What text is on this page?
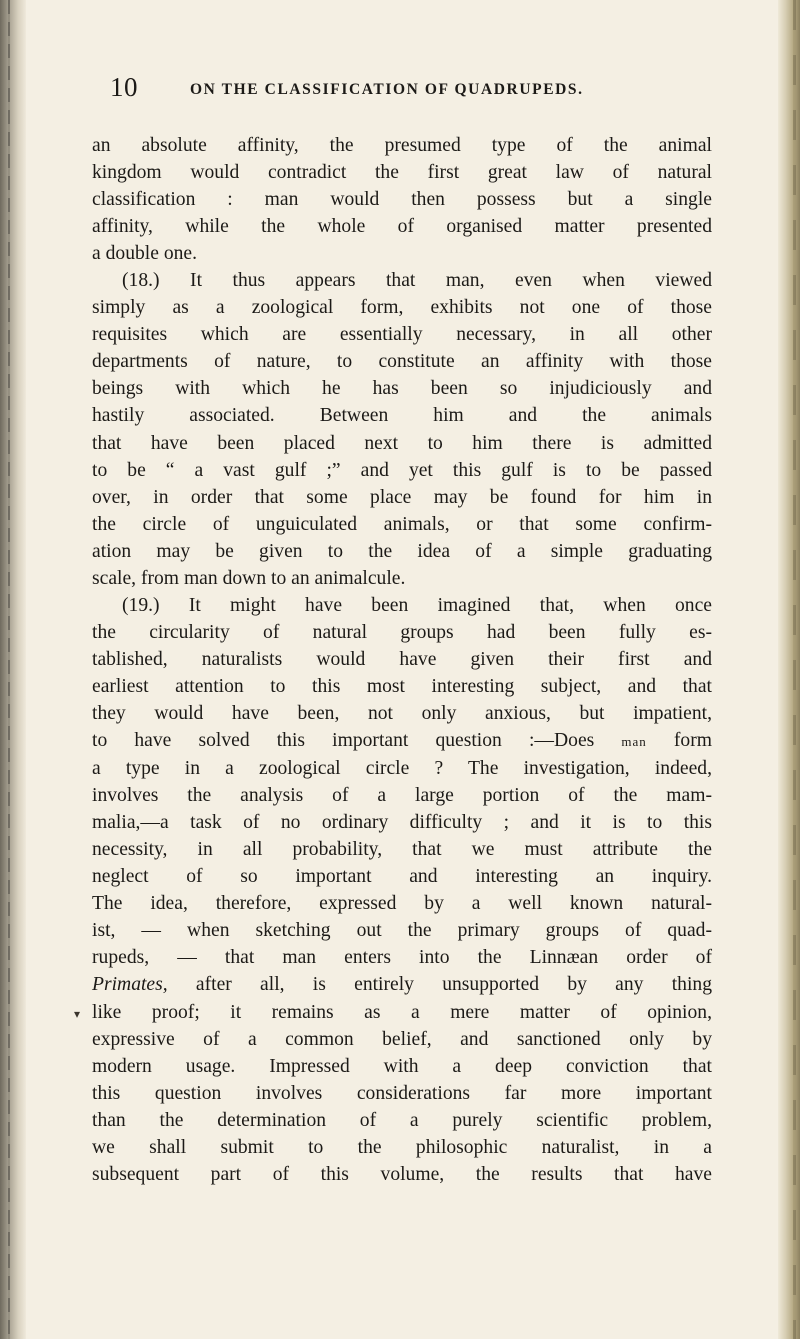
10	ON THE CLASSIFICATION OF QUADRUPEDS.
an absolute affinity, the presumed type of the animal
kingdom would contradict the first great law of natural
classification : man would then possess but a single
affinity, while the whole of organised matter presented
a double one.
(18.) It thus appears that man, even when viewed
simply as a zoological form, exhibits not one of those
requisites which are essentially necessary, in all other
departments of nature, to constitute an affinity with those
beings with which he has been so injudiciously and
hastily associated. Between him and the animals
that have been placed next to him there is admitted
to be “ a vast gulf ;” and yet this gulf is to be passed
over, in order that some place may be found for him in
the circle of unguiculated animals, or that some confirm-
ation may be given to the idea of a simple graduating
scale, from man down to an animalcule.
(19.) It might have been imagined that, when once
the circularity of natural groups had been fully es-
tablished, naturalists would have given their first and
earliest attention to this most interesting subject, and that
they would have been, not only anxious, but impatient,
to have solved this important question :—Does man form
a type in a zoological circle ? The investigation, indeed,
involves the analysis of a large portion of the mam-
malia,—a task of no ordinary difficulty ; and it is to this
necessity, in all probability, that we must attribute the
neglect of so important and interesting an inquiry.
The idea, therefore, expressed by a well known natural-
ist, — when sketching out the primary groups of quad-
rupeds, — that man enters into the Linnæan order of
Primates, after all, is entirely unsupported by any thing
like proof; it remains as a mere matter of opinion,
expressive of a common belief, and sanctioned only by
modern usage. Impressed with a deep conviction that
this question involves considerations far more important
than the determination of a purely scientific problem,
we shall submit to the philosophic naturalist, in a
subsequent part of this volume, the results that have
▾
